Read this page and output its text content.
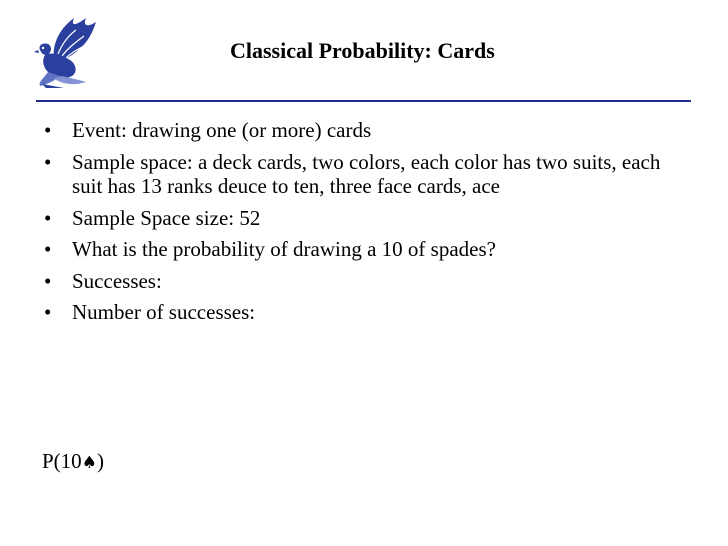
Classical Probability: Cards
• Event: drawing one (or more) cards
• Sample space: a deck cards, two colors, each color has two suits, each suit has 13 ranks deuce to ten, three face cards, ace
• Sample Space size: 52
• What is the probability of drawing a 10 of spades?
• Successes:
• Number of successes:
P(10♠)
